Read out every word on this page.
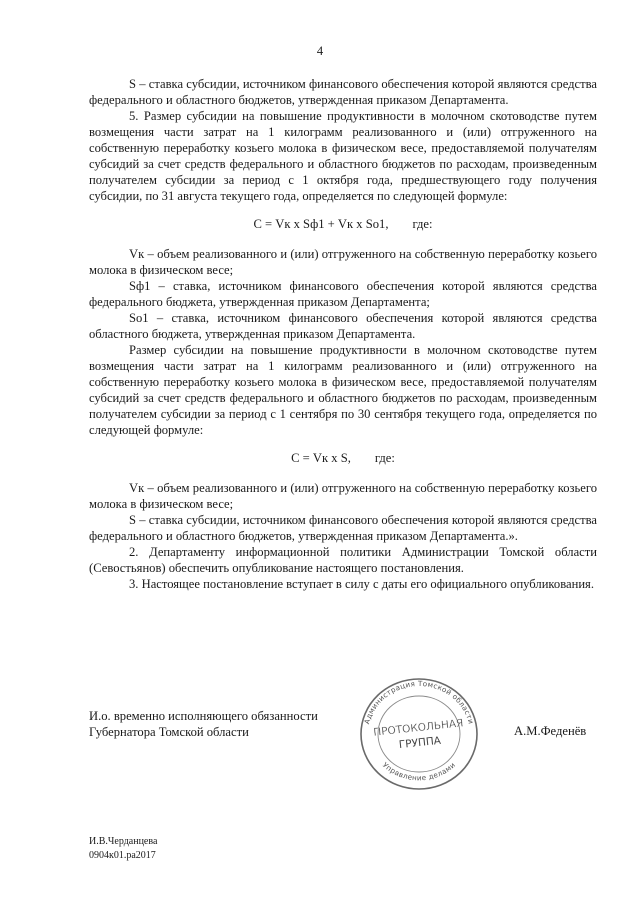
4

S – ставка субсидии, источником финансового обеспечения которой являются средства федерального и областного бюджетов, утвержденная приказом Департамента.

5. Размер субсидии на повышение продуктивности в молочном скотоводстве путем возмещения части затрат на 1 килограмм реализованного и (или) отгруженного на собственную переработку козьего молока в физическом весе, предоставляемой получателям субсидий за счет средств федерального и областного бюджетов по расходам, произведенным получателем субсидии за период с 1 октября года, предшествующего году получения субсидии, по 31 августа текущего года, определяется по следующей формуле:

С = Vк x Sф1 + Vк x Sо1, где:

Vк – объем реализованного и (или) отгруженного на собственную переработку козьего молока в физическом весе;

Sф1 – ставка, источником финансового обеспечения которой являются средства федерального бюджета, утвержденная приказом Департамента;

Sо1 – ставка, источником финансового обеспечения которой являются средства областного бюджета, утвержденная приказом Департамента.

Размер субсидии на повышение продуктивности в молочном скотоводстве путем возмещения части затрат на 1 килограмм реализованного и (или) отгруженного на собственную переработку козьего молока в физическом весе, предоставляемой получателям субсидий за счет средств федерального и областного бюджетов по расходам, произведенным получателем субсидии за период с 1 сентября по 30 сентября текущего года, определяется по следующей формуле:

С = Vк x S, где:

Vк – объем реализованного и (или) отгруженного на собственную переработку козьего молока в физическом весе;

S – ставка субсидии, источником финансового обеспечения которой являются средства федерального и областного бюджетов, утвержденная приказом Департамента.».

2. Департаменту информационной политики Администрации Томской области (Севостьянов) обеспечить опубликование настоящего постановления.

3. Настоящее постановление вступает в силу с даты его официального опубликования.

И.о. временно исполняющего обязанности
Губернатора Томской области	А.М.Феденёв
Администрация Томской области
Управление делами
ПРОТОКОЛЬНАЯ
ГРУППА
И.В.Черданцева
0904к01.ра2017
